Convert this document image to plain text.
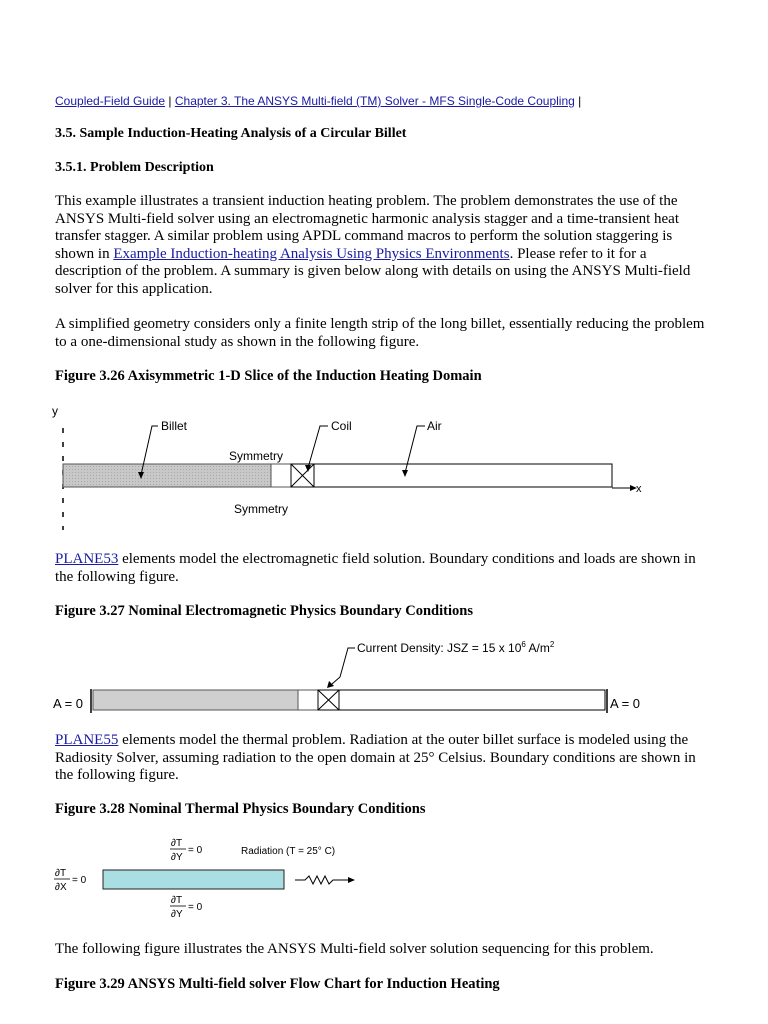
Coupled-Field Guide | Chapter 3. The ANSYS Multi-field (TM) Solver - MFS Single-Code Coupling |
3.5. Sample Induction-Heating Analysis of a Circular Billet
3.5.1. Problem Description
This example illustrates a transient induction heating problem. The problem demonstrates the use of the ANSYS Multi-field solver using an electromagnetic harmonic analysis stagger and a time-transient heat transfer stagger. A similar problem using APDL command macros to perform the solution staggering is shown in Example Induction-heating Analysis Using Physics Environments. Please refer to it for a description of the problem. A summary is given below along with details on using the ANSYS Multi-field solver for this application.
A simplified geometry considers only a finite length strip of the long billet, essentially reducing the problem to a one-dimensional study as shown in the following figure.
Figure 3.26 Axisymmetric 1-D Slice of the Induction Heating Domain
y
x
Billet	Coil	Air
Symmetry
Symmetry
PLANE53 elements model the electromagnetic field solution. Boundary conditions and loads are shown in the following figure.
Figure 3.27 Nominal Electromagnetic Physics Boundary Conditions
Current Density: JSZ = 15 x $10^6$ $A/m^2$
A = 0	A = 0
PLANE55 elements model the thermal problem. Radiation at the outer billet surface is modeled using the Radiosity Solver, assuming radiation to the open domain at 25° Celsius. Boundary conditions are shown in the following figure.
Figure 3.28 Nominal Thermal Physics Boundary Conditions
∂T
∂Y
= 0	Radiation (T = 25° C)
∂T
∂X
= 0
∂T
∂Y
= 0
The following figure illustrates the ANSYS Multi-field solver solution sequencing for this problem.
Figure 3.29 ANSYS Multi-field solver Flow Chart for Induction Heating
